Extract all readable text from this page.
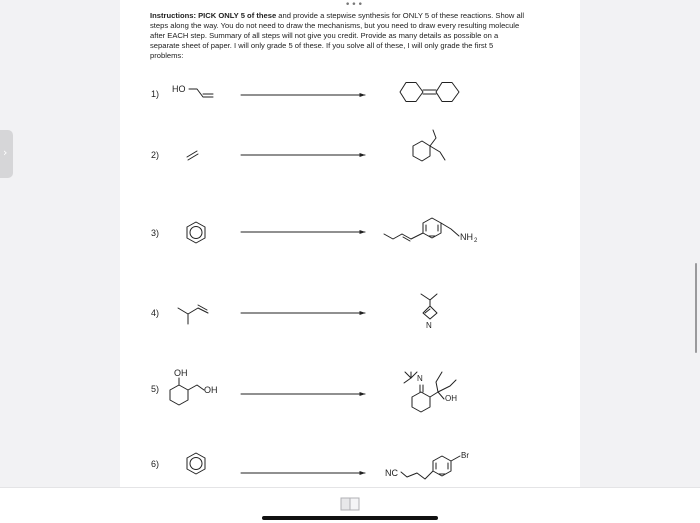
•••
Instructions: PICK ONLY 5 of these and provide a stepwise synthesis for ONLY 5 of these reactions. Show all steps along the way. You do not need to draw the mechanisms, but you need to draw every resulting molecule after EACH step. Summary of all steps will not give you credit. Provide as many details as possible on a separate sheet of paper. I will only grade 5 of these. If you solve all of these, I will only grade the first 5 problems:
›
1)
2)
3)
4)
5)
6)
HO
NH 2
N
OH
OH
N
OH
NC
Br
